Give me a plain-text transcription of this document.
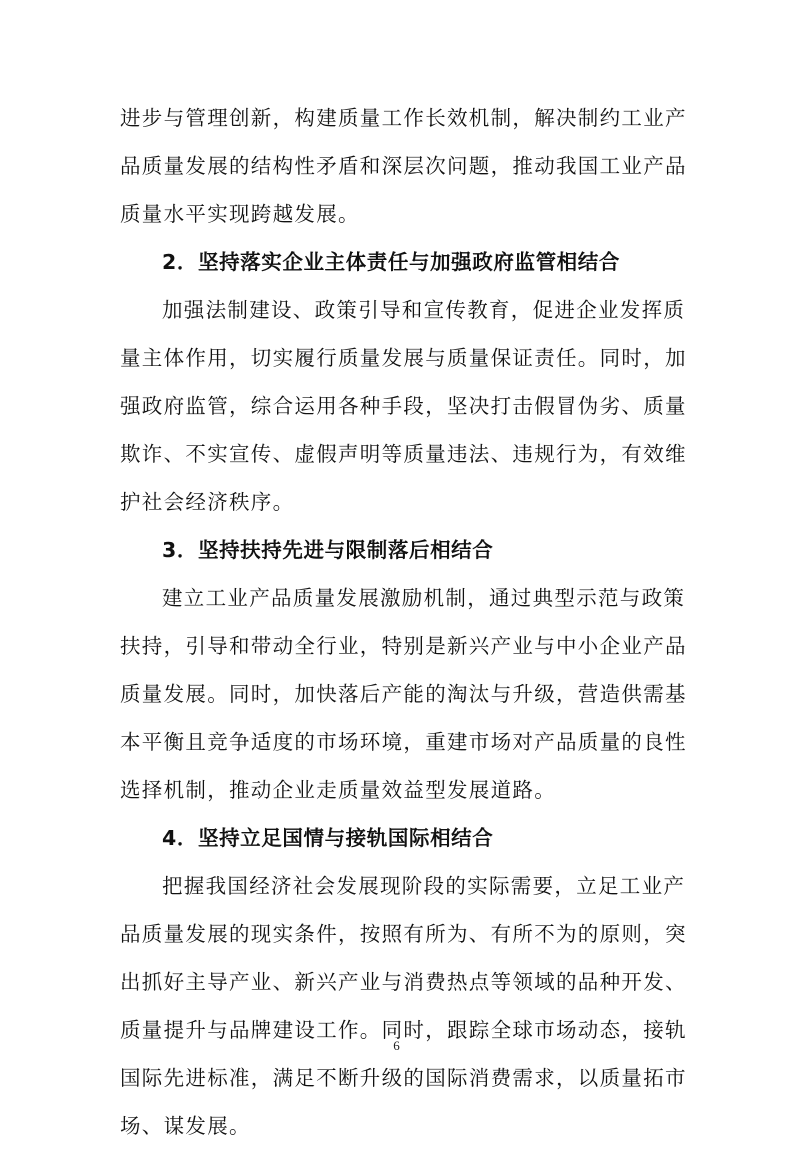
进步与管理创新，构建质量工作长效机制，解决制约工业产
品质量发展的结构性矛盾和深层次问题，推动我国工业产品
质量水平实现跨越发展。
2．坚持落实企业主体责任与加强政府监管相结合
加强法制建设、政策引导和宣传教育，促进企业发挥质
量主体作用，切实履行质量发展与质量保证责任。同时，加
强政府监管，综合运用各种手段，坚决打击假冒伪劣、质量
欺诈、不实宣传、虚假声明等质量违法、违规行为，有效维
护社会经济秩序。
3．坚持扶持先进与限制落后相结合
建立工业产品质量发展激励机制，通过典型示范与政策
扶持，引导和带动全行业，特别是新兴产业与中小企业产品
质量发展。同时，加快落后产能的淘汰与升级，营造供需基
本平衡且竞争适度的市场环境，重建市场对产品质量的良性
选择机制，推动企业走质量效益型发展道路。
4．坚持立足国情与接轨国际相结合
把握我国经济社会发展现阶段的实际需要，立足工业产
品质量发展的现实条件，按照有所为、有所不为的原则，突
出抓好主导产业、新兴产业与消费热点等领域的品种开发、
质量提升与品牌建设工作。同时，跟踪全球市场动态，接轨
国际先进标准，满足不断升级的国际消费需求，以质量拓市
场、谋发展。
6
